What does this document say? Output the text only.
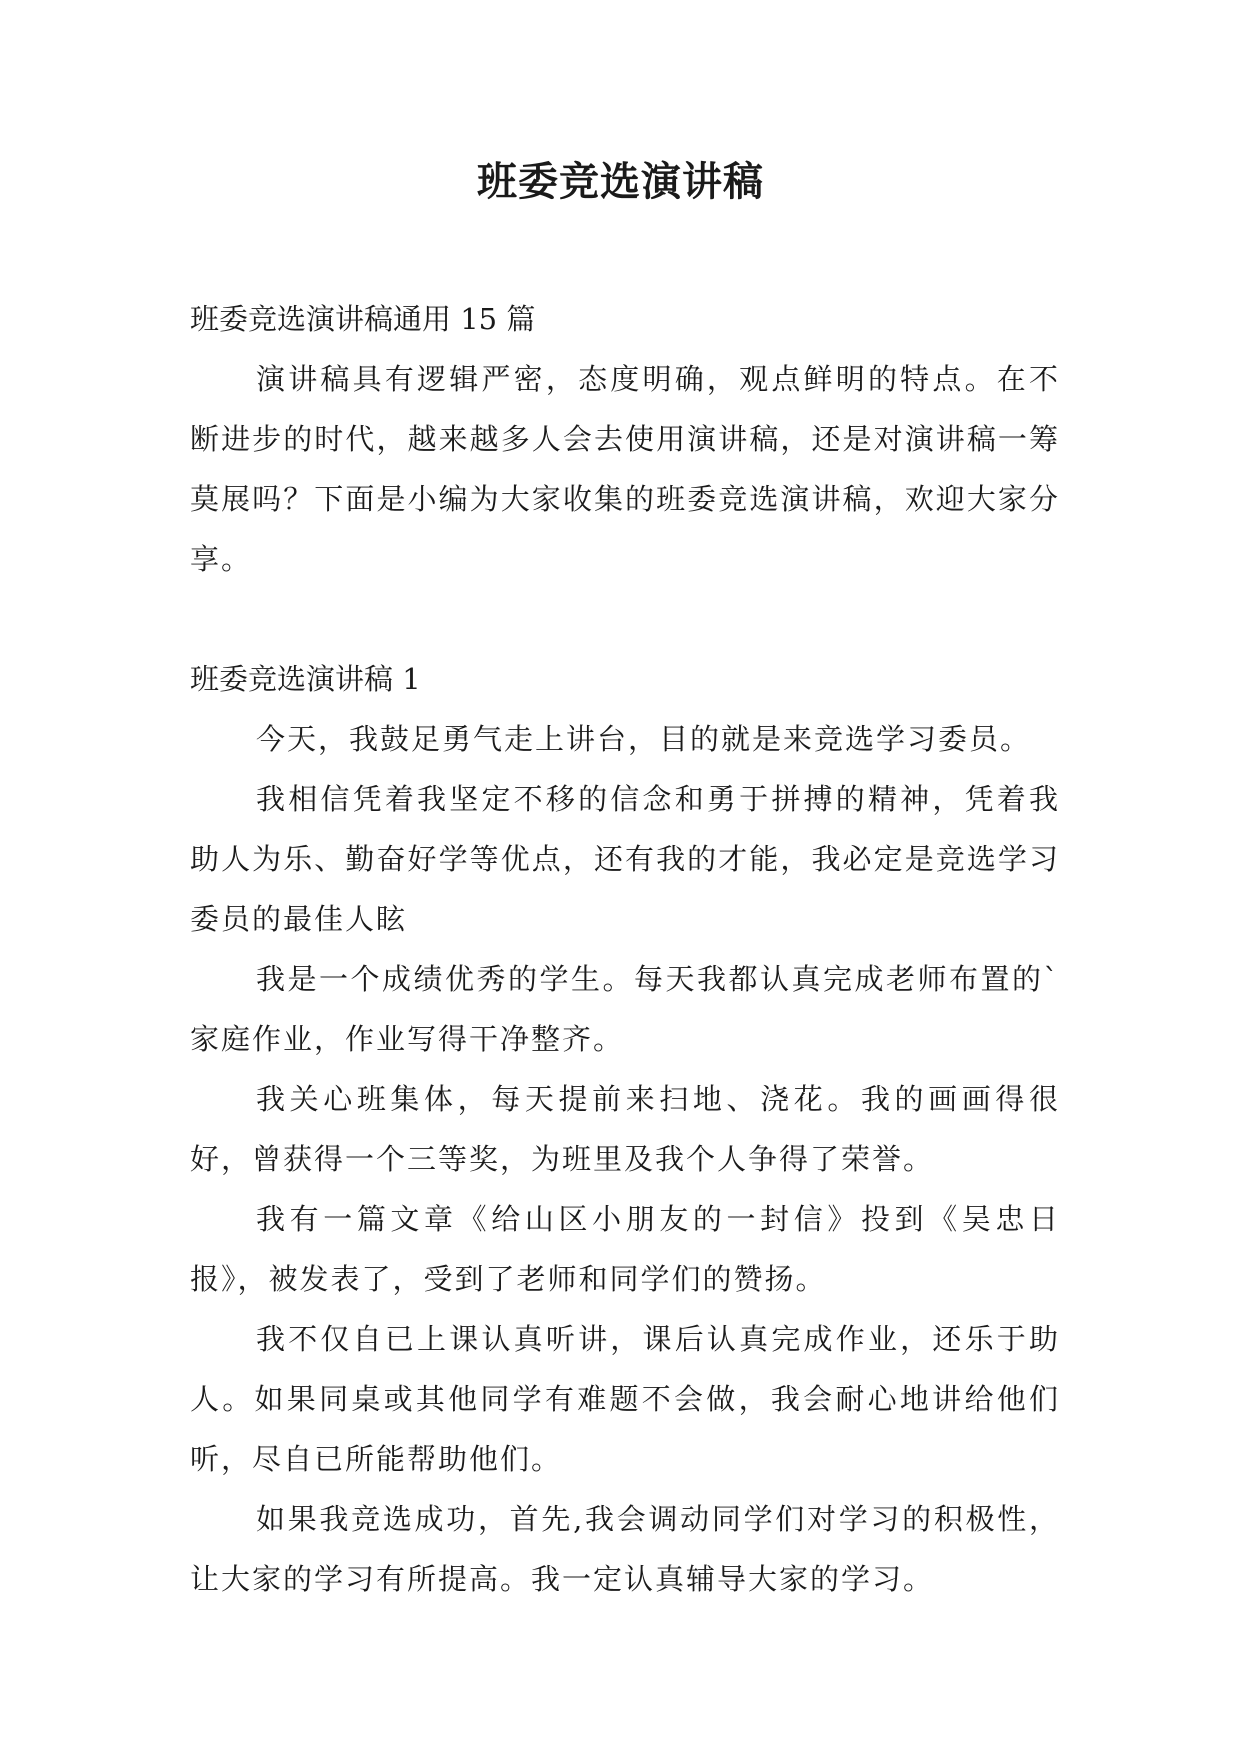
班委竞选演讲稿

班委竞选演讲稿通用 15 篇

演讲稿具有逻辑严密，态度明确，观点鲜明的特点。在不断进步的时代，越来越多人会去使用演讲稿，还是对演讲稿一筹莫展吗？下面是小编为大家收集的班委竞选演讲稿，欢迎大家分享。

班委竞选演讲稿 1

今天，我鼓足勇气走上讲台，目的就是来竞选学习委员。

我相信凭着我坚定不移的信念和勇于拼搏的精神，凭着我助人为乐、勤奋好学等优点，还有我的才能，我必定是竞选学习委员的最佳人眩

我是一个成绩优秀的学生。每天我都认真完成老师布置的`家庭作业，作业写得干净整齐。

我关心班集体，每天提前来扫地、浇花。我的画画得很好，曾获得一个三等奖，为班里及我个人争得了荣誉。

我有一篇文章《给山区小朋友的一封信》投到《吴忠日报》，被发表了，受到了老师和同学们的赞扬。

我不仅自已上课认真听讲，课后认真完成作业，还乐于助人。如果同桌或其他同学有难题不会做，我会耐心地讲给他们听，尽自已所能帮助他们。

如果我竞选成功，首先,我会调动同学们对学习的积极性，让大家的学习有所提高。我一定认真辅导大家的学习。
